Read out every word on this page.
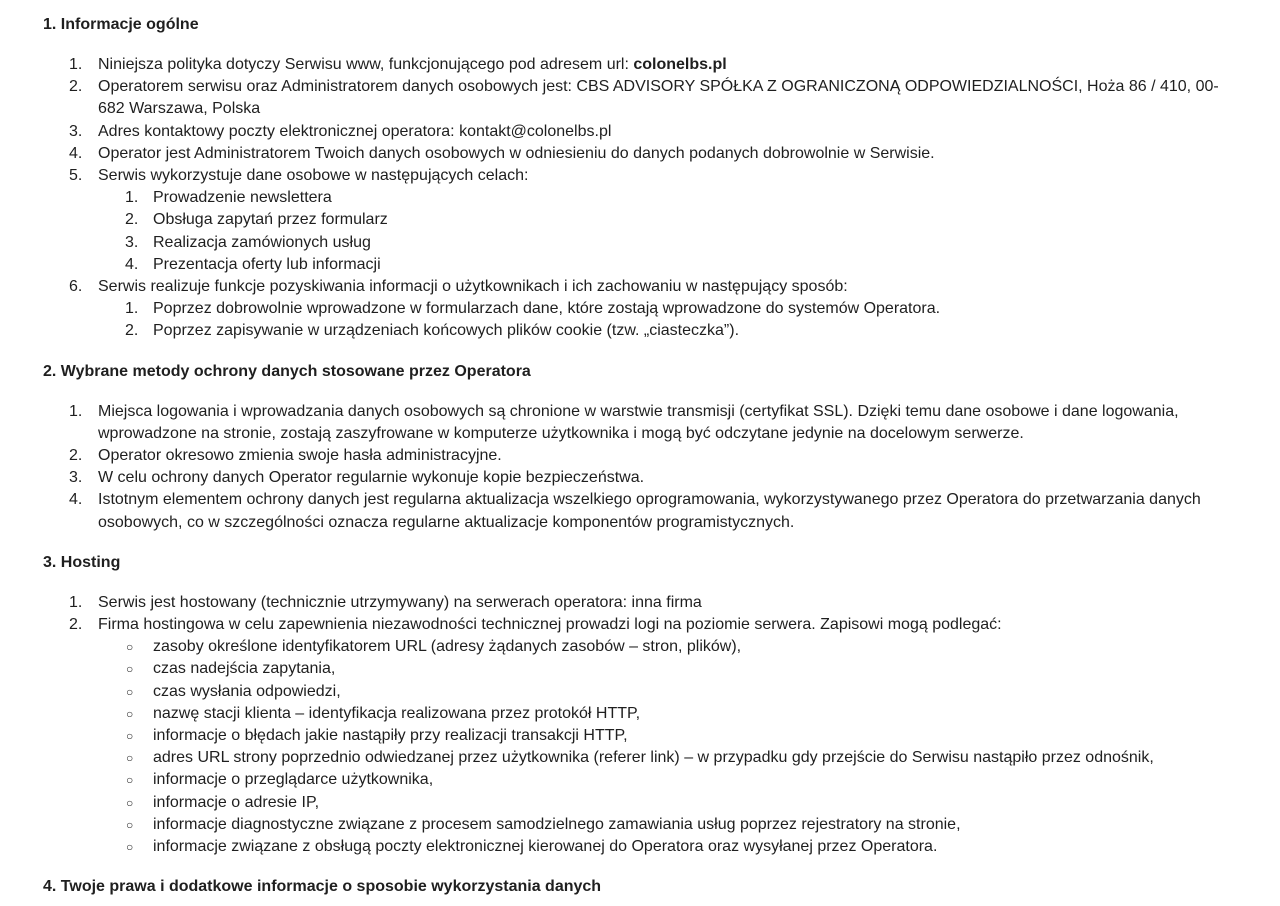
1. Informacje ogólne
1. Niniejsza polityka dotyczy Serwisu www, funkcjonującego pod adresem url: colonelbs.pl
2. Operatorem serwisu oraz Administratorem danych osobowych jest: CBS ADVISORY SPÓŁKA Z OGRANICZONĄ ODPOWIEDZIALNOŚCI, Hoża 86 / 410, 00-682 Warszawa, Polska
3. Adres kontaktowy poczty elektronicznej operatora: kontakt@colonelbs.pl
4. Operator jest Administratorem Twoich danych osobowych w odniesieniu do danych podanych dobrowolnie w Serwisie.
5. Serwis wykorzystuje dane osobowe w następujących celach:
1. Prowadzenie newslettera
2. Obsługa zapytań przez formularz
3. Realizacja zamówionych usług
4. Prezentacja oferty lub informacji
6. Serwis realizuje funkcje pozyskiwania informacji o użytkownikach i ich zachowaniu w następujący sposób:
1. Poprzez dobrowolnie wprowadzone w formularzach dane, które zostają wprowadzone do systemów Operatora.
2. Poprzez zapisywanie w urządzeniach końcowych plików cookie (tzw. „ciasteczka”).
2. Wybrane metody ochrony danych stosowane przez Operatora
1. Miejsca logowania i wprowadzania danych osobowych są chronione w warstwie transmisji (certyfikat SSL). Dzięki temu dane osobowe i dane logowania, wprowadzone na stronie, zostają zaszyfrowane w komputerze użytkownika i mogą być odczytane jedynie na docelowym serwerze.
2. Operator okresowo zmienia swoje hasła administracyjne.
3. W celu ochrony danych Operator regularnie wykonuje kopie bezpieczeństwa.
4. Istotnym elementem ochrony danych jest regularna aktualizacja wszelkiego oprogramowania, wykorzystywanego przez Operatora do przetwarzania danych osobowych, co w szczególności oznacza regularne aktualizacje komponentów programistycznych.
3. Hosting
1. Serwis jest hostowany (technicznie utrzymywany) na serwerach operatora: inna firma
2. Firma hostingowa w celu zapewnienia niezawodności technicznej prowadzi logi na poziomie serwera. Zapisowi mogą podlegać:
○ zasoby określone identyfikatorem URL (adresy żądanych zasobów – stron, plików),
○ czas nadejścia zapytania,
○ czas wysłania odpowiedzi,
○ nazwę stacji klienta – identyfikacja realizowana przez protokół HTTP,
○ informacje o błędach jakie nastąpiły przy realizacji transakcji HTTP,
○ adres URL strony poprzednio odwiedzanej przez użytkownika (referer link) – w przypadku gdy przejście do Serwisu nastąpiło przez odnośnik,
○ informacje o przeglądarce użytkownika,
○ informacje o adresie IP,
○ informacje diagnostyczne związane z procesem samodzielnego zamawiania usług poprzez rejestratory na stronie,
○ informacje związane z obsługą poczty elektronicznej kierowanej do Operatora oraz wysyłanej przez Operatora.
4. Twoje prawa i dodatkowe informacje o sposobie wykorzystania danych
